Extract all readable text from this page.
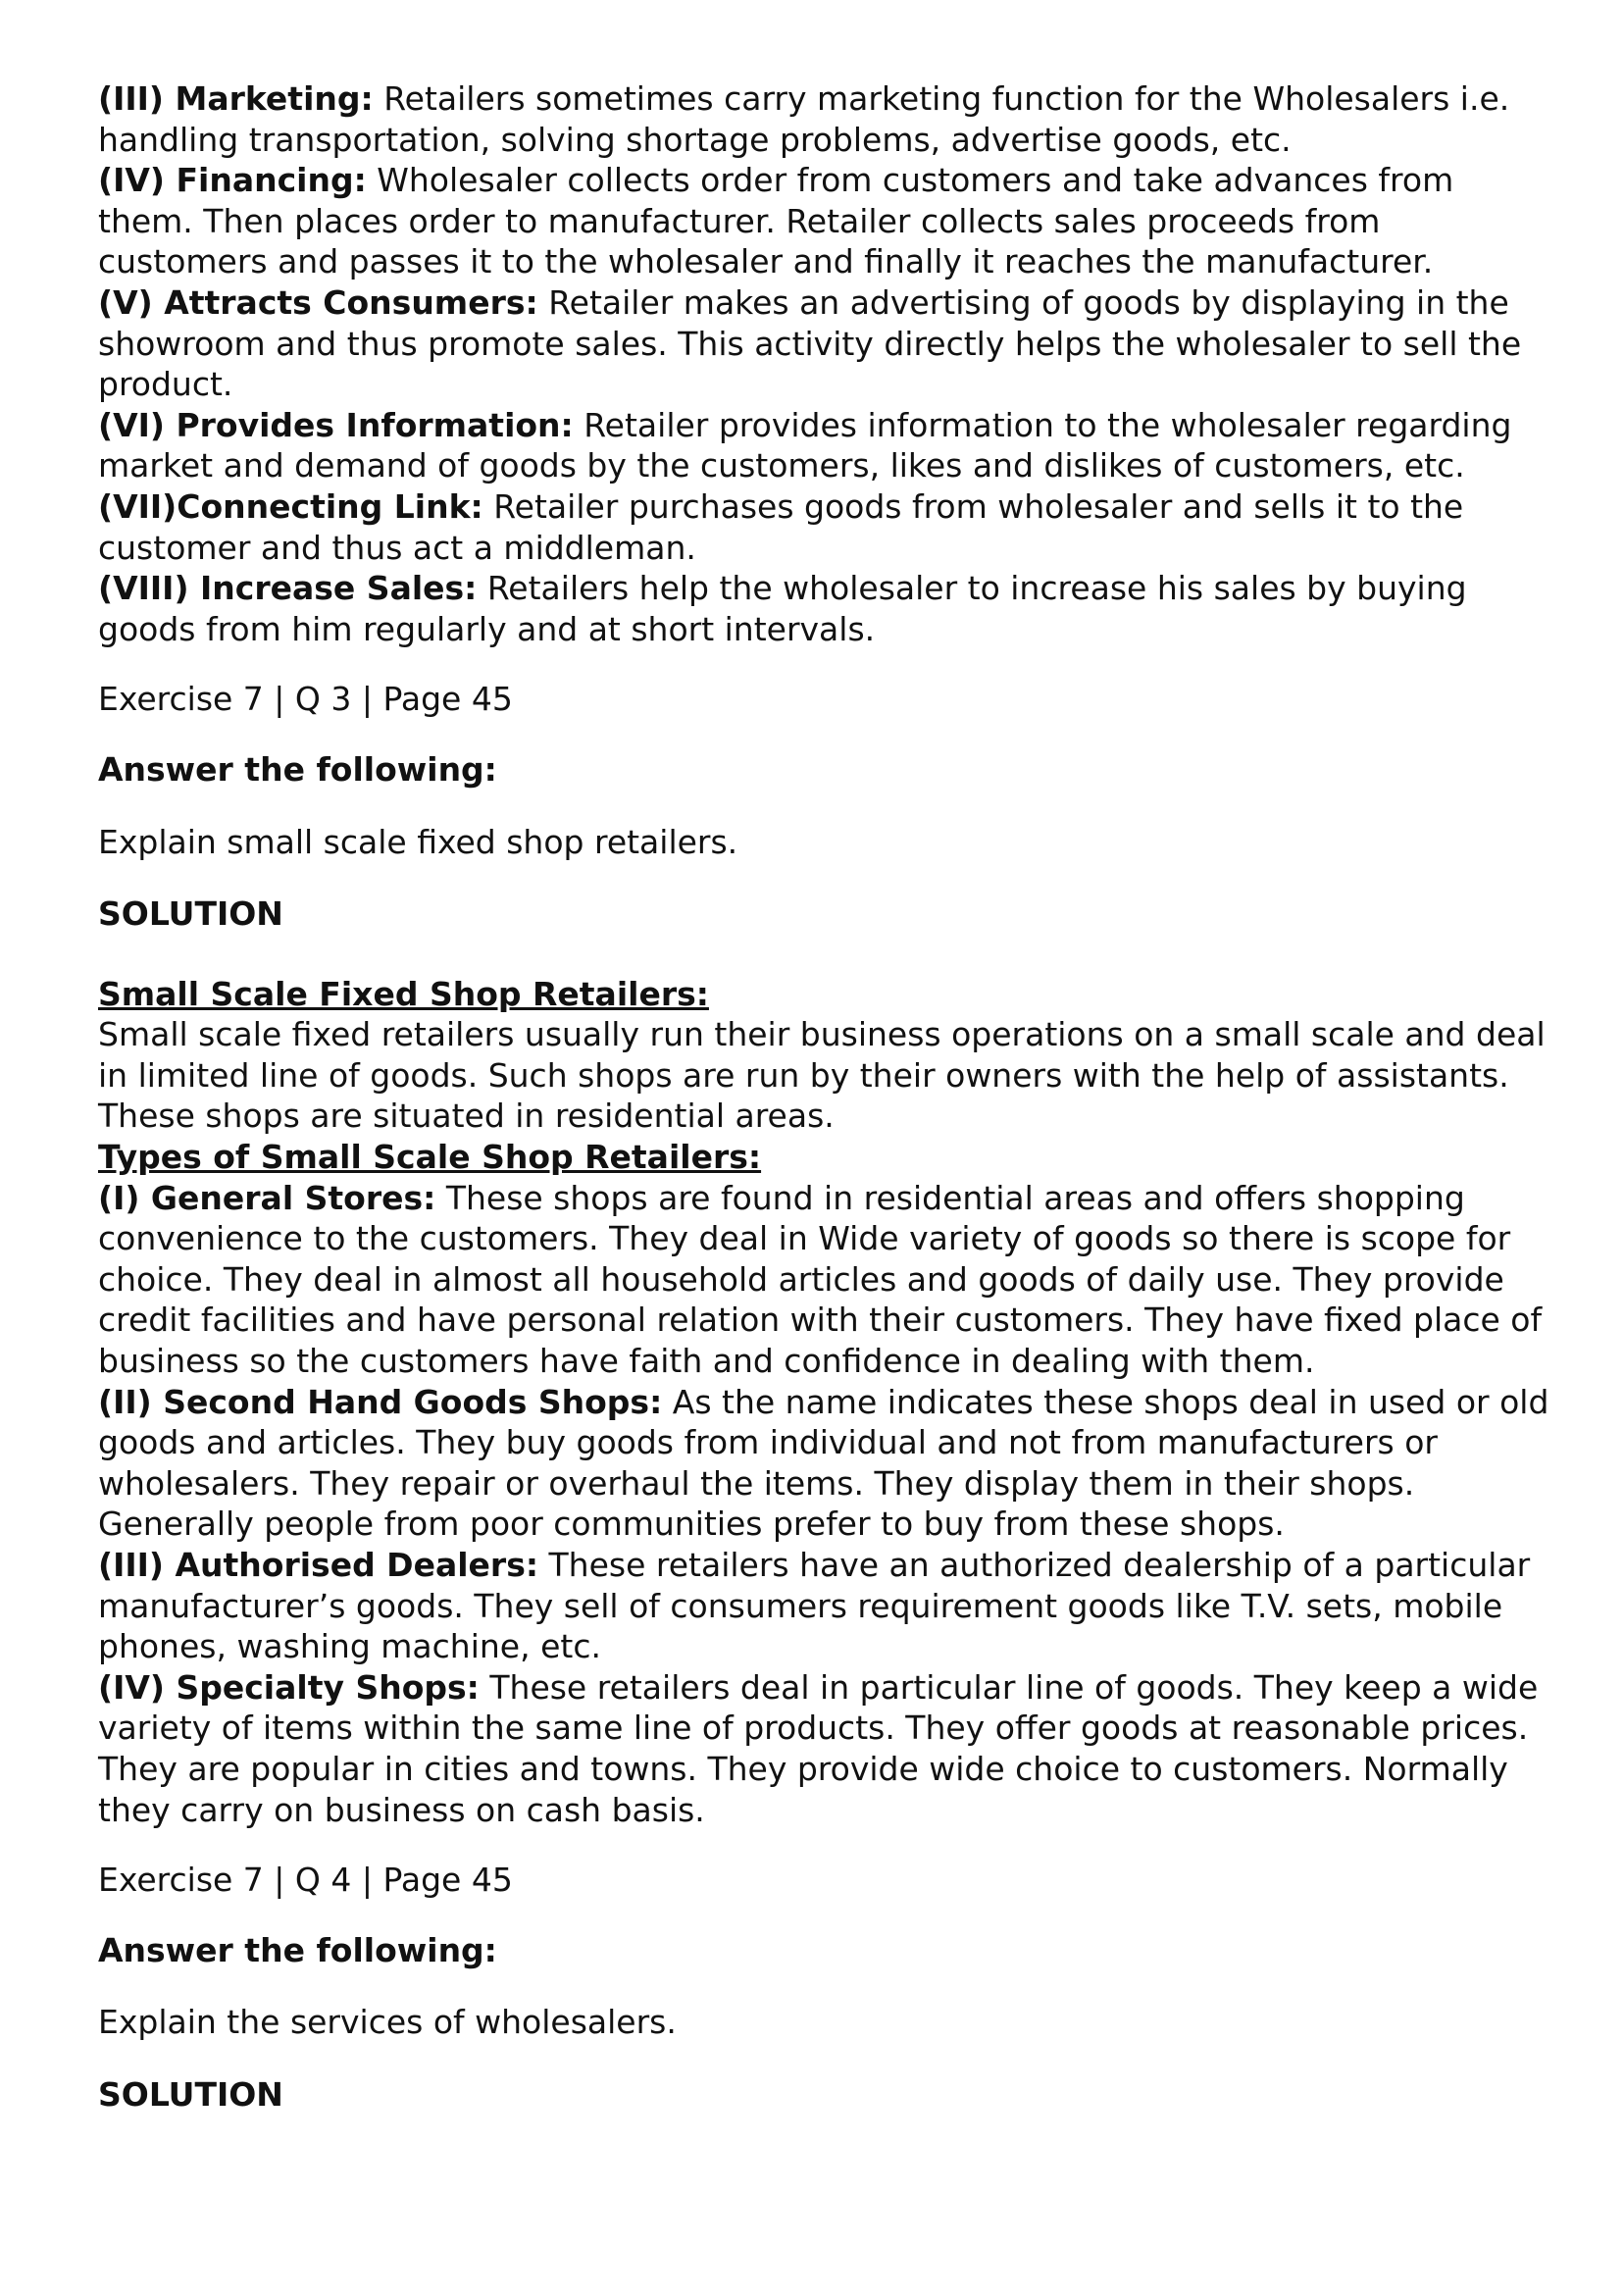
(III) Marketing: Retailers sometimes carry marketing function for the Wholesalers i.e. handling transportation, solving shortage problems, advertise goods, etc.

(IV) Financing: Wholesaler collects order from customers and take advances from them. Then places order to manufacturer. Retailer collects sales proceeds from customers and passes it to the wholesaler and finally it reaches the manufacturer.

(V) Attracts Consumers: Retailer makes an advertising of goods by displaying in the showroom and thus promote sales. This activity directly helps the wholesaler to sell the product.

(VI) Provides Information: Retailer provides information to the wholesaler regarding market and demand of goods by the customers, likes and dislikes of customers, etc.

(VII)Connecting Link: Retailer purchases goods from wholesaler and sells it to the customer and thus act a middleman.

(VIII) Increase Sales: Retailers help the wholesaler to increase his sales by buying goods from him regularly and at short intervals.

Exercise 7 | Q 3 | Page 45

Answer the following:

Explain small scale fixed shop retailers.

SOLUTION

Small Scale Fixed Shop Retailers:

Small scale fixed retailers usually run their business operations on a small scale and deal in limited line of goods. Such shops are run by their owners with the help of assistants. These shops are situated in residential areas.

Types of Small Scale Shop Retailers:

(I) General Stores: These shops are found in residential areas and offers shopping convenience to the customers. They deal in Wide variety of goods so there is scope for choice. They deal in almost all household articles and goods of daily use. They provide credit facilities and have personal relation with their customers. They have fixed place of business so the customers have faith and confidence in dealing with them.

(II) Second Hand Goods Shops: As the name indicates these shops deal in used or old goods and articles. They buy goods from individual and not from manufacturers or wholesalers. They repair or overhaul the items. They display them in their shops. Generally people from poor communities prefer to buy from these shops.

(III) Authorised Dealers: These retailers have an authorized dealership of a particular manufacturer’s goods. They sell of consumers requirement goods like T.V. sets, mobile phones, washing machine, etc.

(IV) Specialty Shops: These retailers deal in particular line of goods. They keep a wide variety of items within the same line of products. They offer goods at reasonable prices. They are popular in cities and towns. They provide wide choice to customers. Normally they carry on business on cash basis.

Exercise 7 | Q 4 | Page 45

Answer the following:

Explain the services of wholesalers.

SOLUTION
